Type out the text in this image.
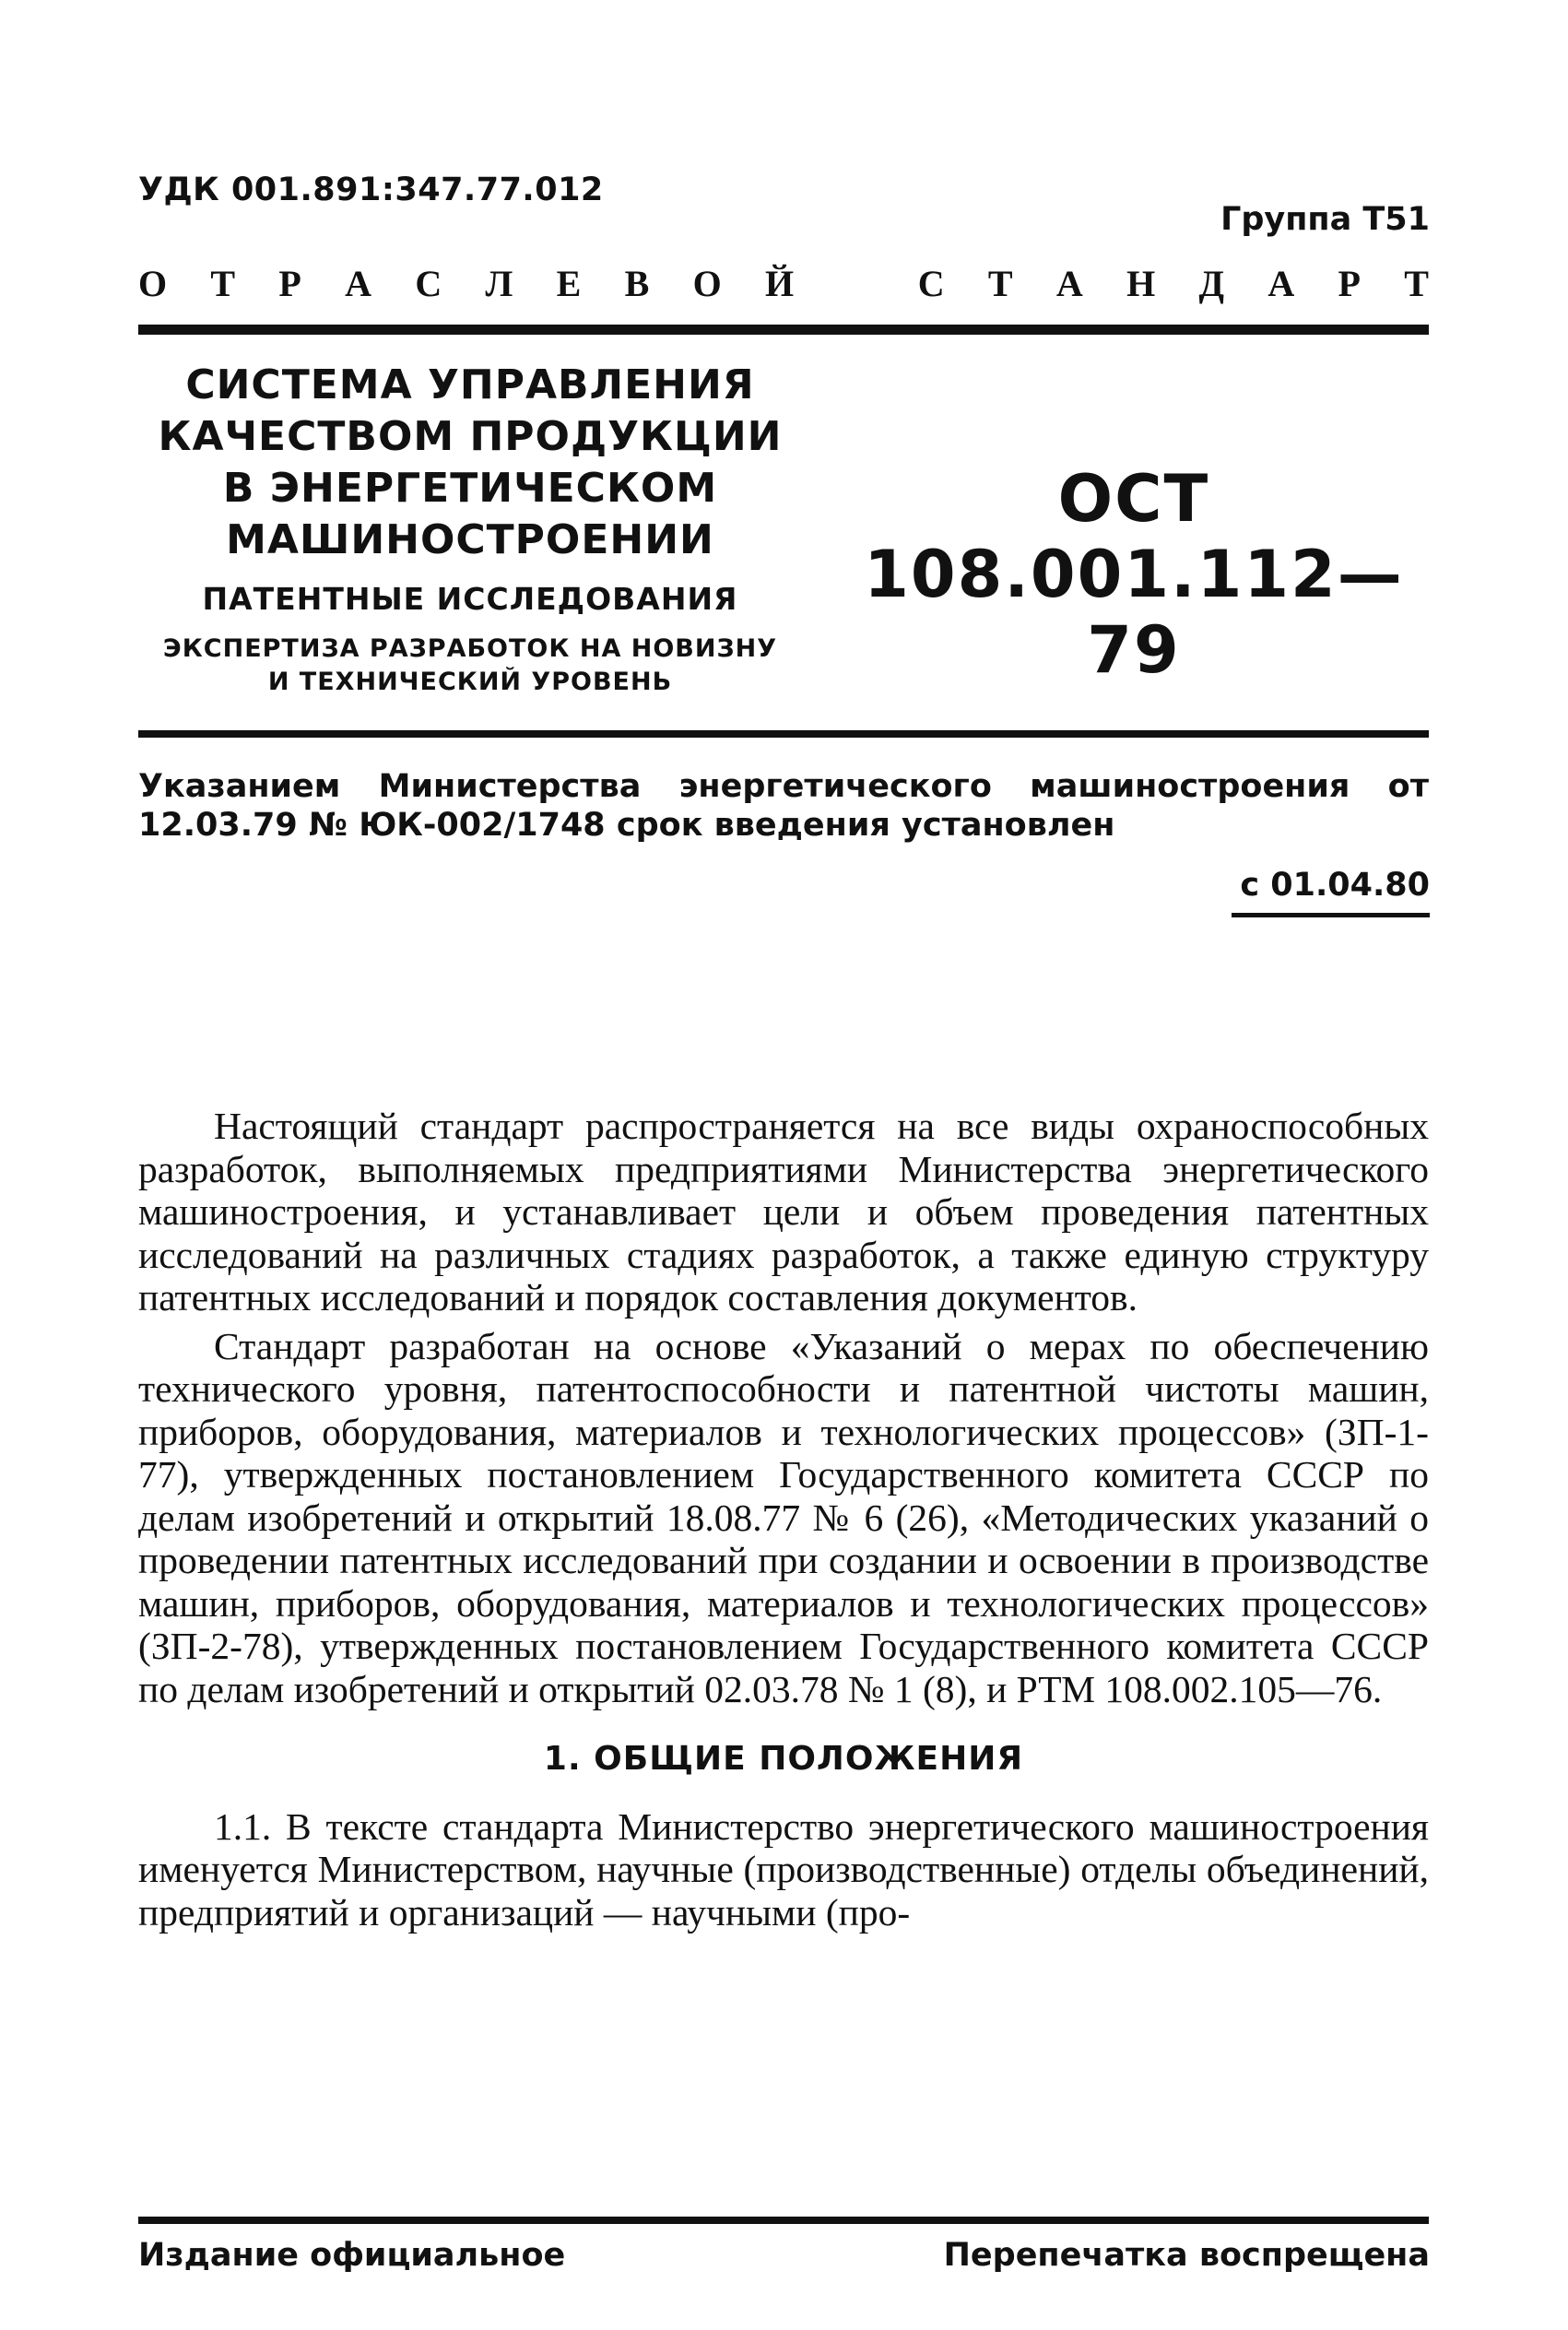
УДК 001.891:347.77.012
Группа Т51
О Т Р А С Л Е В О Й	С Т А Н Д А Р Т
СИСТЕМА УПРАВЛЕНИЯ
КАЧЕСТВОМ ПРОДУКЦИИ
В ЭНЕРГЕТИЧЕСКОМ
МАШИНОСТРОЕНИИ
ПАТЕНТНЫЕ ИССЛЕДОВАНИЯ
ЭКСПЕРТИЗА РАЗРАБОТОК НА НОВИЗНУ
И ТЕХНИЧЕСКИЙ УРОВЕНЬ
ОСТ 108.001.112—79
Указанием Министерства энергетического машиностроения от 12.03.79 № ЮК-002/1748 срок введения установлен
с 01.04.80

Настоящий стандарт распространяется на все виды охраноспособных разработок, выполняемых предприятиями Министерства энергетического машиностроения, и устанавливает цели и объем проведения патентных исследований на различных стадиях разработок, а также единую структуру патентных исследований и порядок составления документов.

Стандарт разработан на основе «Указаний о мерах по обеспечению технического уровня, патентоспособности и патентной чистоты машин, приборов, оборудования, материалов и технологических процессов» (ЗП-1-77), утвержденных постановлением Государственного комитета СССР по делам изобретений и открытий 18.08.77 № 6 (26), «Методических указаний о проведении патентных исследований при создании и освоении в производстве машин, приборов, оборудования, материалов и технологических процессов» (ЗП-2-78), утвержденных постановлением Государственного комитета СССР по делам изобретений и открытий 02.03.78 № 1 (8), и РТМ 108.002.105—76.

1. ОБЩИЕ ПОЛОЖЕНИЯ

1.1. В тексте стандарта Министерство энергетического машиностроения именуется Министерством, научные (производственные) отделы объединений, предприятий и организаций — научными (про-

Издание официальное	Перепечатка воспрещена
